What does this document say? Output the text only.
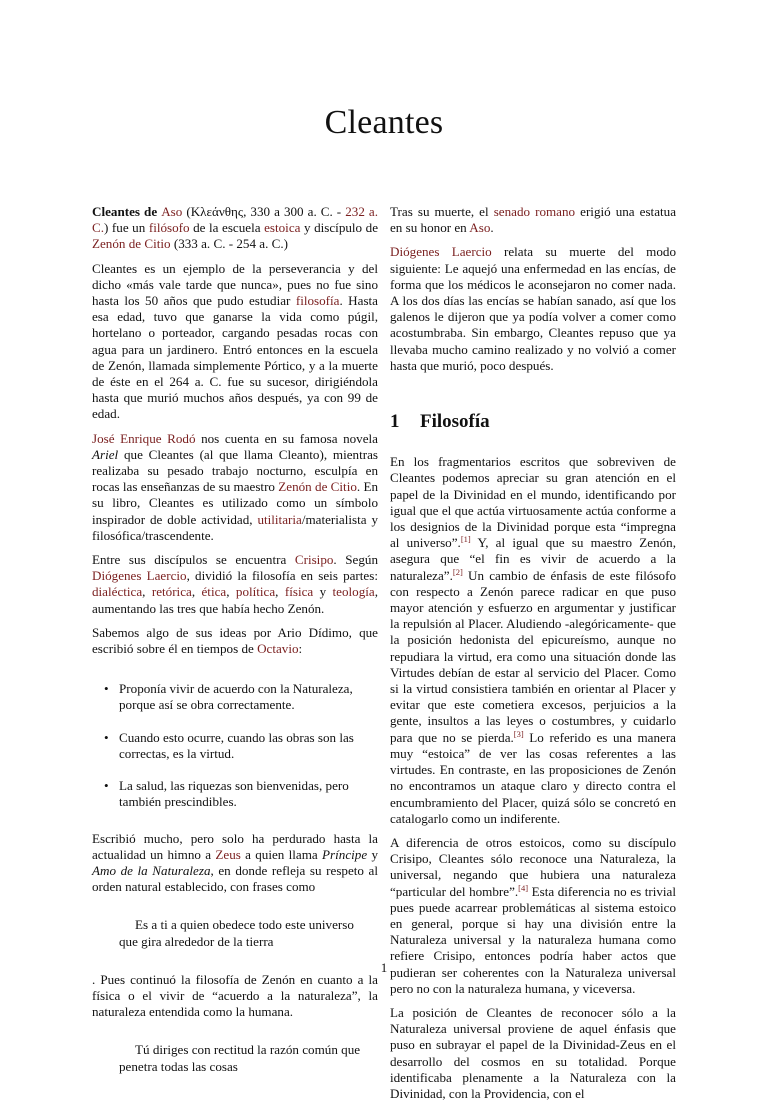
Cleantes

Cleantes de Aso (Κλεάνθης, 330 a 300 a. C. - 232 a. C.) fue un filósofo de la escuela estoica y discípulo de Zenón de Citio (333 a. C. - 254 a. C.)

Cleantes es un ejemplo de la perseverancia y del dicho «más vale tarde que nunca», pues no fue sino hasta los 50 años que pudo estudiar filosofía. Hasta esa edad, tuvo que ganarse la vida como púgil, hortelano o porteador, cargando pesadas rocas con agua para un jardinero. Entró entonces en la escuela de Zenón, llamada simplemente Pórtico, y a la muerte de éste en el 264 a. C. fue su sucesor, dirigiéndola hasta que murió muchos años después, ya con 99 de edad.

José Enrique Rodó nos cuenta en su famosa novela Ariel que Cleantes (al que llama Cleanto), mientras realizaba su pesado trabajo nocturno, esculpía en rocas las enseñanzas de su maestro Zenón de Citio. En su libro, Cleantes es utilizado como un símbolo inspirador de doble actividad, utilitaria/materialista y filosófica/trascendente.

Entre sus discípulos se encuentra Crisipo. Según Diógenes Laercio, dividió la filosofía en seis partes: dialéctica, retórica, ética, política, física y teología, aumentando las tres que había hecho Zenón.

Sabemos algo de sus ideas por Ario Dídimo, que escribió sobre él en tiempos de Octavio:

• Proponía vivir de acuerdo con la Naturaleza, porque así se obra correctamente.
• Cuando esto ocurre, cuando las obras son las correctas, es la virtud.
• La salud, las riquezas son bienvenidas, pero también prescindibles.

Escribió mucho, pero solo ha perdurado hasta la actualidad un himno a Zeus a quien llama Príncipe y Amo de la Naturaleza, en donde refleja su respeto al orden natural establecido, con frases como

Es a ti a quien obedece todo este universo
que gira alrededor de la tierra

. Pues continuó la filosofía de Zenón en cuanto a la física o el vivir de “acuerdo a la naturaleza”, la naturaleza entendida como la humana.

Tú diriges con rectitud la razón común que
penetra todas las cosas

Tras su muerte, el senado romano erigió una estatua en su honor en Aso.

Diógenes Laercio relata su muerte del modo siguiente: Le aquejó una enfermedad en las encías, de forma que los médicos le aconsejaron no comer nada. A los dos días las encías se habían sanado, así que los galenos le dijeron que ya podía volver a comer como acostumbraba. Sin embargo, Cleantes repuso que ya llevaba mucho camino realizado y no volvió a comer hasta que murió, poco después.

1 Filosofía

En los fragmentarios escritos que sobreviven de Cleantes podemos apreciar su gran atención en el papel de la Divinidad en el mundo, identificando por igual que el que actúa virtuosamente actúa conforme a los designios de la Divinidad porque esta “impregna al universo”.[1] Y, al igual que su maestro Zenón, asegura que “el fin es vivir de acuerdo a la naturaleza”.[2] Un cambio de énfasis de este filósofo con respecto a Zenón parece radicar en que puso mayor atención y esfuerzo en argumentar y justificar la repulsión al Placer. Aludiendo -alegóricamente- que la posición hedonista del epicureísmo, aunque no repudiara la virtud, era como una situación donde las Virtudes debían de estar al servicio del Placer. Como si la virtud consistiera también en orientar al Placer y evitar que este cometiera excesos, perjuicios a la gente, insultos a las leyes o costumbres, y cuidarlo para que no se pierda.[3] Lo referido es una manera muy “estoica” de ver las cosas referentes a las virtudes. En contraste, en las proposiciones de Zenón no encontramos un ataque claro y directo contra el encumbramiento del Placer, quizá sólo se concretó en catalogarlo como un indiferente.

A diferencia de otros estoicos, como su discípulo Crisipo, Cleantes sólo reconoce una Naturaleza, la universal, negando que hubiera una naturaleza “particular del hombre”.[4] Esta diferencia no es trivial pues puede acarrear problemáticas al sistema estoico en general, porque si hay una división entre la Naturaleza universal y la naturaleza humana como refiere Crisipo, entonces podría haber actos que pudieran ser coherentes con la Naturaleza universal pero no con la naturaleza humana, y viceversa.

La posición de Cleantes de reconocer sólo a la Naturaleza universal proviene de aquel énfasis que puso en subrayar el papel de la Divinidad-Zeus en el desarrollo del cosmos en su totalidad. Porque identificaba plenamente a la Naturaleza con la Divinidad, con la Providencia, con el

1
